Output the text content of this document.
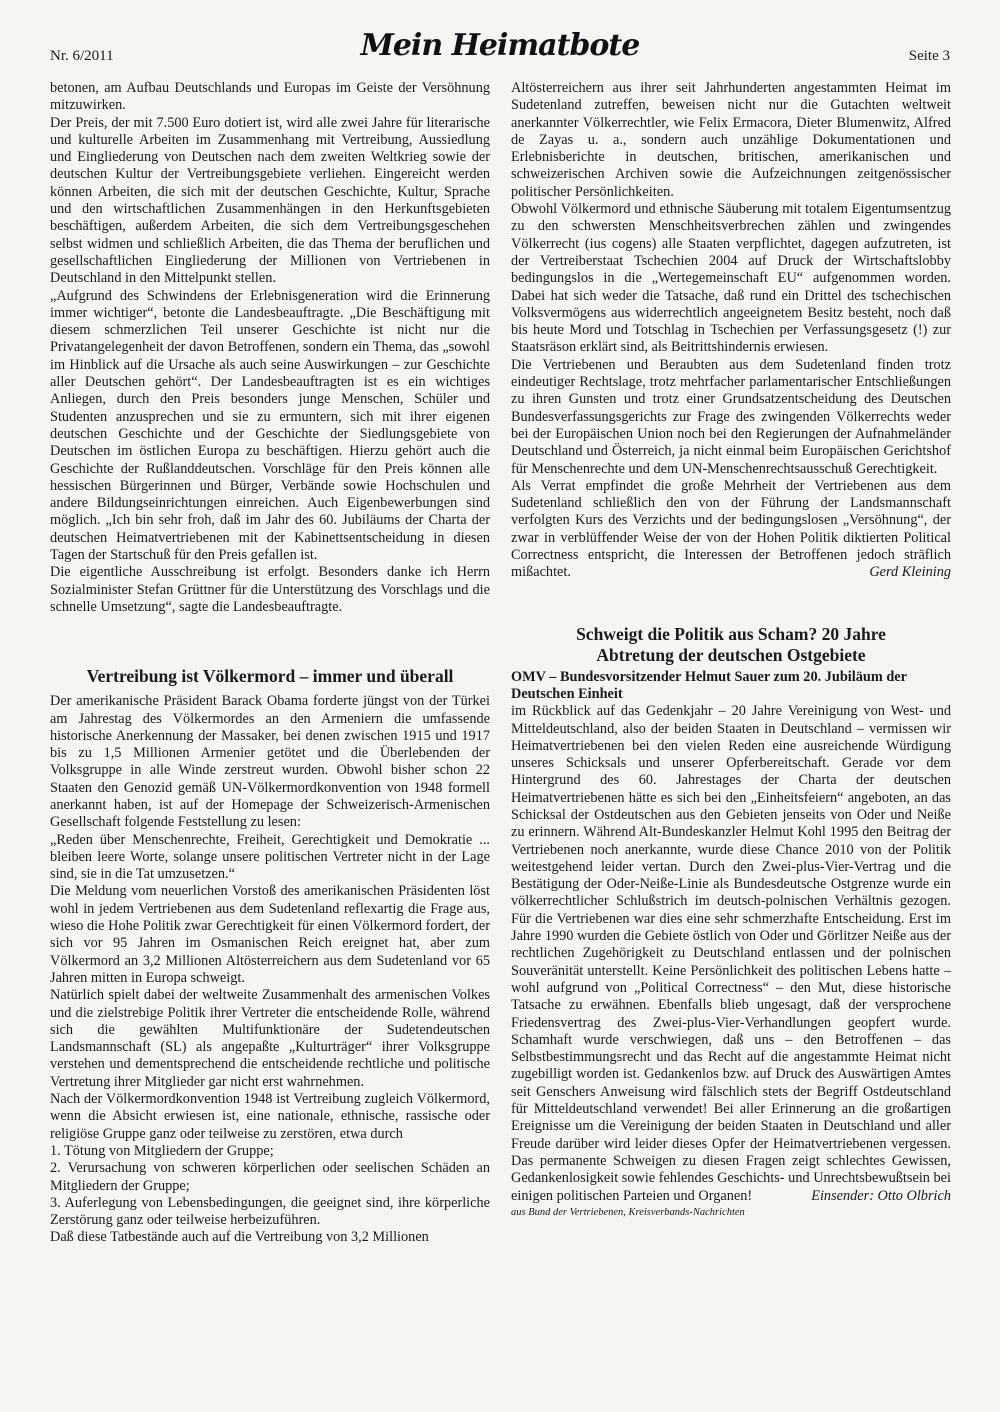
Nr. 6/2011	Mein Heimatbote	Seite 3

betonen, am Aufbau Deutschlands und Europas im Geiste der Versöhnung mitzuwirken.

Der Preis, der mit 7.500 Euro dotiert ist, wird alle zwei Jahre für literarische und kulturelle Arbeiten im Zusammenhang mit Vertreibung, Aussiedlung und Eingliederung von Deutschen nach dem zweiten Weltkrieg sowie der deutschen Kultur der Vertreibungsgebiete verliehen. Eingereicht werden können Arbeiten, die sich mit der deutschen Geschichte, Kultur, Sprache und den wirtschaftlichen Zusammenhängen in den Herkunftsgebieten beschäftigen, außerdem Arbeiten, die sich dem Vertreibungsgeschehen selbst widmen und schließlich Arbeiten, die das Thema der beruflichen und gesellschaftlichen Eingliederung der Millionen von Vertriebenen in Deutschland in den Mittelpunkt stellen.

„Aufgrund des Schwindens der Erlebnisgeneration wird die Erinnerung immer wichtiger“, betonte die Landesbeauftragte. „Die Beschäftigung mit diesem schmerzlichen Teil unserer Geschichte ist nicht nur die Privatangelegenheit der davon Betroffenen, sondern ein Thema, das „sowohl im Hinblick auf die Ursache als auch seine Auswirkungen – zur Geschichte aller Deutschen gehört“. Der Landesbeauftragten ist es ein wichtiges Anliegen, durch den Preis besonders junge Menschen, Schüler und Studenten anzusprechen und sie zu ermuntern, sich mit ihrer eigenen deutschen Geschichte und der Geschichte der Siedlungsgebiete von Deutschen im östlichen Europa zu beschäftigen. Hierzu gehört auch die Geschichte der Rußlanddeutschen. Vorschläge für den Preis können alle hessischen Bürgerinnen und Bürger, Verbände sowie Hochschulen und andere Bildungseinrichtungen einreichen. Auch Eigenbewerbungen sind möglich. „Ich bin sehr froh, daß im Jahr des 60. Jubiläums der Charta der deutschen Heimatvertriebenen mit der Kabinettsentscheidung in diesen Tagen der Startschuß für den Preis gefallen ist.

Die eigentliche Ausschreibung ist erfolgt. Besonders danke ich Herrn Sozialminister Stefan Grüttner für die Unterstützung des Vorschlags und die schnelle Umsetzung“, sagte die Landesbeauftragte.

Vertreibung ist Völkermord – immer und überall

Der amerikanische Präsident Barack Obama forderte jüngst von der Türkei am Jahrestag des Völkermordes an den Armeniern die umfassende historische Anerkennung der Massaker, bei denen zwischen 1915 und 1917 bis zu 1,5 Millionen Armenier getötet und die Überlebenden der Volksgruppe in alle Winde zerstreut wurden. Obwohl bisher schon 22 Staaten den Genozid gemäß UN-Völkermordkonvention von 1948 formell anerkannt haben, ist auf der Homepage der Schweizerisch-Armenischen Gesellschaft folgende Feststellung zu lesen:

„Reden über Menschenrechte, Freiheit, Gerechtigkeit und Demokratie ... bleiben leere Worte, solange unsere politischen Vertreter nicht in der Lage sind, sie in die Tat umzusetzen.“

Die Meldung vom neuerlichen Vorstoß des amerikanischen Präsidenten löst wohl in jedem Vertriebenen aus dem Sudetenland reflexartig die Frage aus, wieso die Hohe Politik zwar Gerechtigkeit für einen Völkermord fordert, der sich vor 95 Jahren im Osmanischen Reich ereignet hat, aber zum Völkermord an 3,2 Millionen Altösterreichern aus dem Sudetenland vor 65 Jahren mitten in Europa schweigt.

Natürlich spielt dabei der weltweite Zusammenhalt des armenischen Volkes und die zielstrebige Politik ihrer Vertreter die entscheidende Rolle, während sich die gewählten Multifunktionäre der Sudetendeutschen Landsmannschaft (SL) als angepaßte „Kulturträger“ ihrer Volksgruppe verstehen und dementsprechend die entscheidende rechtliche und politische Vertretung ihrer Mitglieder gar nicht erst wahrnehmen.

Nach der Völkermordkonvention 1948 ist Vertreibung zugleich Völkermord, wenn die Absicht erwiesen ist, eine nationale, ethnische, rassische oder religiöse Gruppe ganz oder teilweise zu zerstören, etwa durch

1. Tötung von Mitgliedern der Gruppe;
2. Verursachung von schweren körperlichen oder seelischen Schäden an Mitgliedern der Gruppe;
3. Auferlegung von Lebensbedingungen, die geeignet sind, ihre körperliche Zerstörung ganz oder teilweise herbeizuführen.

Daß diese Tatbestände auch auf die Vertreibung von 3,2 Millionen

Altösterreichern aus ihrer seit Jahrhunderten angestammten Heimat im Sudetenland zutreffen, beweisen nicht nur die Gutachten weltweit anerkannter Völkerrechtler, wie Felix Ermacora, Dieter Blumenwitz, Alfred de Zayas u. a., sondern auch unzählige Dokumentationen und Erlebnisberichte in deutschen, britischen, amerikanischen und schweizerischen Archiven sowie die Aufzeichnungen zeitgenössischer politischer Persönlichkeiten.

Obwohl Völkermord und ethnische Säuberung mit totalem Eigentumsentzug zu den schwersten Menschheitsverbrechen zählen und zwingendes Völkerrecht (ius cogens) alle Staaten verpflichtet, dagegen aufzutreten, ist der Vertreiberstaat Tschechien 2004 auf Druck der Wirtschaftslobby bedingungslos in die „Wertegemeinschaft EU“ aufgenommen worden. Dabei hat sich weder die Tatsache, daß rund ein Drittel des tschechischen Volksvermögens aus widerrechtlich angeeignetem Besitz besteht, noch daß bis heute Mord und Totschlag in Tschechien per Verfassungsgesetz (!) zur Staatsräson erklärt sind, als Beitrittshindernis erwiesen.

Die Vertriebenen und Beraubten aus dem Sudetenland finden trotz eindeutiger Rechtslage, trotz mehrfacher parlamentarischer Entschließungen zu ihren Gunsten und trotz einer Grundsatzentscheidung des Deutschen Bundesverfassungsgerichts zur Frage des zwingenden Völkerrechts weder bei der Europäischen Union noch bei den Regierungen der Aufnahmeländer Deutschland und Österreich, ja nicht einmal beim Europäischen Gerichtshof für Menschenrechte und dem UN-Menschenrechtsausschuß Gerechtigkeit.

Als Verrat empfindet die große Mehrheit der Vertriebenen aus dem Sudetenland schließlich den von der Führung der Landsmannschaft verfolgten Kurs des Verzichts und der bedingungslosen „Versöhnung“, der zwar in verblüffender Weise der von der Hohen Politik diktierten Political Correctness entspricht, die Interessen der Betroffenen jedoch sträflich mißachtet.	Gerd Kleining

Schweigt die Politik aus Scham? 20 Jahre Abtretung der deutschen Ostgebiete

OMV – Bundesvorsitzender Helmut Sauer zum 20. Jubiläum der Deutschen Einheit

im Rückblick auf das Gedenkjahr – 20 Jahre Vereinigung von West- und Mitteldeutschland, also der beiden Staaten in Deutschland – vermissen wir Heimatvertriebenen bei den vielen Reden eine ausreichende Würdigung unseres Schicksals und unserer Opferbereitschaft. Gerade vor dem Hintergrund des 60. Jahrestages der Charta der deutschen Heimatvertriebenen hätte es sich bei den „Einheitsfeiern“ angeboten, an das Schicksal der Ostdeutschen aus den Gebieten jenseits von Oder und Neiße zu erinnern. Während Alt-Bundeskanzler Helmut Kohl 1995 den Beitrag der Vertriebenen noch anerkannte, wurde diese Chance 2010 von der Politik weitestgehend leider vertan. Durch den Zwei-plus-Vier-Vertrag und die Bestätigung der Oder-Neiße-Linie als Bundesdeutsche Ostgrenze wurde ein völkerrechtlicher Schlußstrich im deutsch-polnischen Verhältnis gezogen. Für die Vertriebenen war dies eine sehr schmerzhafte Entscheidung. Erst im Jahre 1990 wurden die Gebiete östlich von Oder und Görlitzer Neiße aus der rechtlichen Zugehörigkeit zu Deutschland entlassen und der polnischen Souveränität unterstellt. Keine Persönlichkeit des politischen Lebens hatte – wohl aufgrund von „Political Correctness“ – den Mut, diese historische Tatsache zu erwähnen. Ebenfalls blieb ungesagt, daß der versprochene Friedensvertrag des Zwei-plus-Vier-Verhandlungen geopfert wurde. Schamhaft wurde verschwiegen, daß uns – den Betroffenen – das Selbstbestimmungsrecht und das Recht auf die angestammte Heimat nicht zugebilligt worden ist. Gedankenlos bzw. auf Druck des Auswärtigen Amtes seit Genschers Anweisung wird fälschlich stets der Begriff Ostdeutschland für Mitteldeutschland verwendet! Bei aller Erinnerung an die großartigen Ereignisse um die Vereinigung der beiden Staaten in Deutschland und aller Freude darüber wird leider dieses Opfer der Heimatvertriebenen vergessen. Das permanente Schweigen zu diesen Fragen zeigt schlechtes Gewissen, Gedankenlosigkeit sowie fehlendes Geschichts- und Unrechtsbewußtsein bei einigen politischen Parteien und Organen!	Einsender: Otto Olbrich

aus Bund der Vertriebenen, Kreisverbands-Nachrichten
